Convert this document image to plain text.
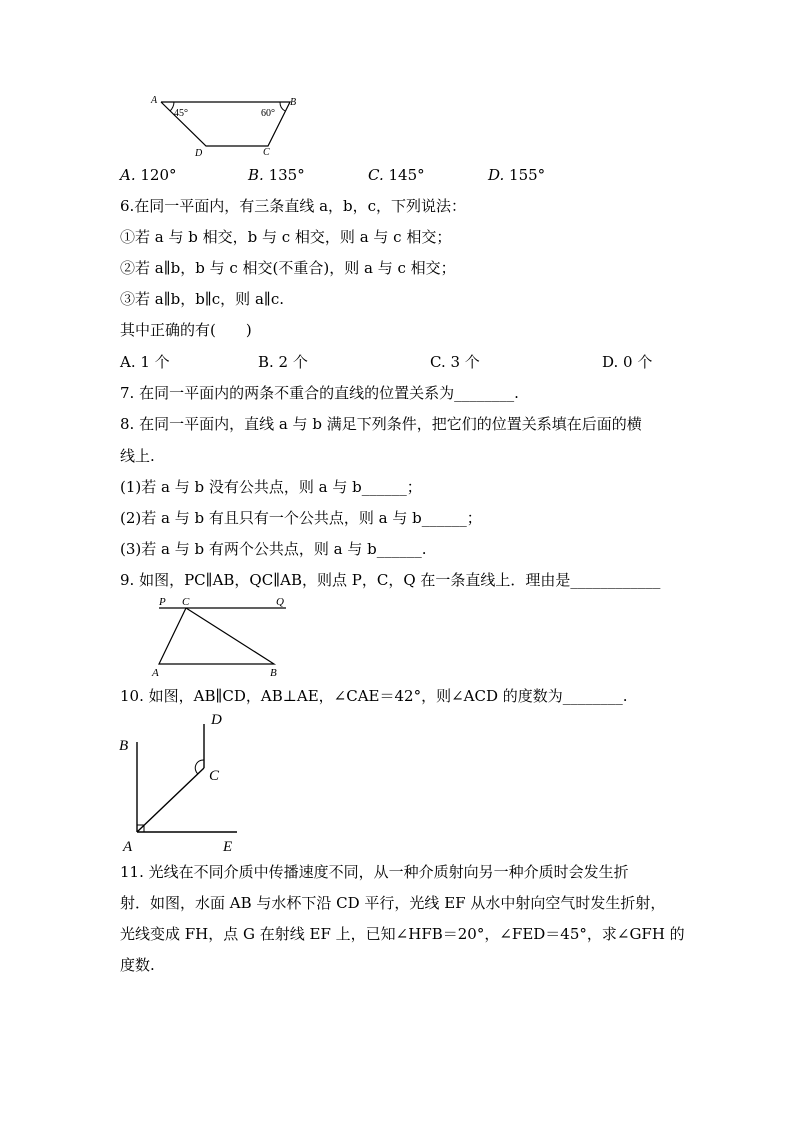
A	B
D	C
45°	60°
A. 120°	B. 135°	C. 145°	D. 155°
6.在同一平面内，有三条直线 a，b，c，下列说法：
①若 a 与 b 相交，b 与 c 相交，则 a 与 c 相交；
②若 a∥b，b 与 c 相交(不重合)，则 a 与 c 相交；
③若 a∥b，b∥c，则 a∥c.
其中正确的有(　　)
A. 1 个	B. 2 个	C. 3 个	D. 0 个
7. 在同一平面内的两条不重合的直线的位置关系为________.
8. 在同一平面内，直线 a 与 b 满足下列条件，把它们的位置关系填在后面的横
线上.
(1)若 a 与 b 没有公共点，则 a 与 b______；
(2)若 a 与 b 有且只有一个公共点，则 a 与 b______；
(3)若 a 与 b 有两个公共点，则 a 与 b______.
9. 如图，PC∥AB，QC∥AB，则点 P，C，Q 在一条直线上．理由是____________
P C	Q
A	B
10. 如图，AB∥CD，AB⊥AE，∠CAE＝42°，则∠ACD 的度数为________.
B
D
C
A	E
11. 光线在不同介质中传播速度不同，从一种介质射向另一种介质时会发生折
射．如图，水面 AB 与水杯下沿 CD 平行，光线 EF 从水中射向空气时发生折射，
光线变成 FH，点 G 在射线 EF 上，已知∠HFB＝20°，∠FED＝45°，求∠GFH 的
度数.
